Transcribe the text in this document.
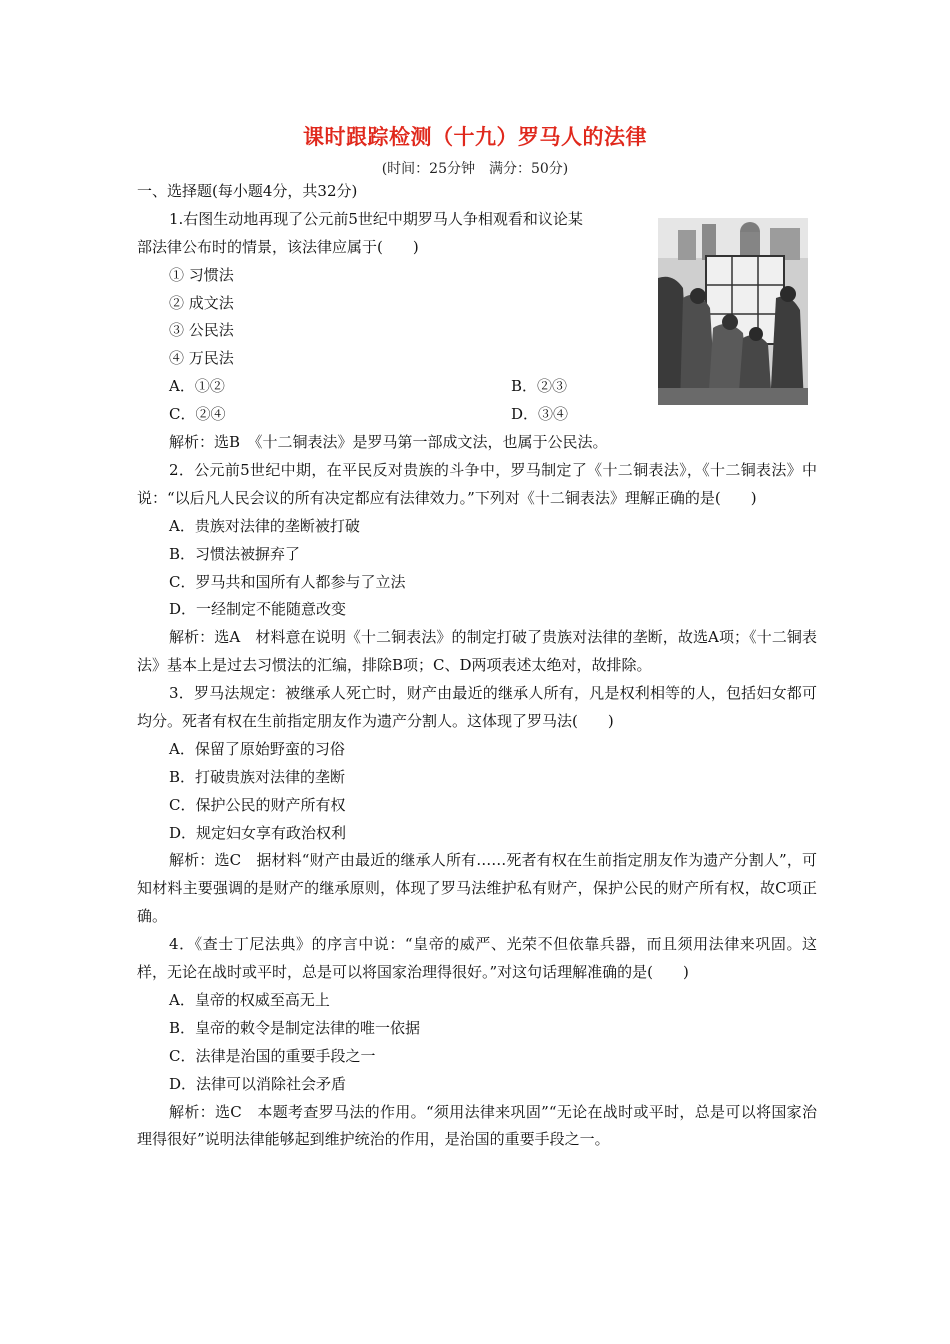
课时跟踪检测（十九）罗马人的法律
(时间：25分钟　满分：50分)
一、选择题(每小题4分，共32分)
1.右图生动地再现了公元前5世纪中期罗马人争相观看和议论某
部法律公布时的情景，该法律应属于(　　)
① 习惯法
② 成文法
③ 公民法
④ 万民法
A．①②	B．②③
C．②④	D．③④
解析：选B　《十二铜表法》是罗马第一部成文法，也属于公民法。
2．公元前5世纪中期，在平民反对贵族的斗争中，罗马制定了《十二铜表法》，《十二铜表法》中说：“以后凡人民会议的所有决定都应有法律效力。”下列对《十二铜表法》理解正确的是(　　)
A．贵族对法律的垄断被打破
B．习惯法被摒弃了
C．罗马共和国所有人都参与了立法
D．一经制定不能随意改变
解析：选A　材料意在说明《十二铜表法》的制定打破了贵族对法律的垄断，故选A项；《十二铜表法》基本上是过去习惯法的汇编，排除B项；C、D两项表述太绝对，故排除。
3．罗马法规定：被继承人死亡时，财产由最近的继承人所有，凡是权利相等的人，包括妇女都可均分。死者有权在生前指定朋友作为遗产分割人。这体现了罗马法(　　)
A．保留了原始野蛮的习俗
B．打破贵族对法律的垄断
C．保护公民的财产所有权
D．规定妇女享有政治权利
解析：选C　据材料“财产由最近的继承人所有……死者有权在生前指定朋友作为遗产分割人”，可知材料主要强调的是财产的继承原则，体现了罗马法维护私有财产，保护公民的财产所有权，故C项正确。
4．《查士丁尼法典》的序言中说：“皇帝的威严、光荣不但依靠兵器，而且须用法律来巩固。这样，无论在战时或平时，总是可以将国家治理得很好。”对这句话理解准确的是(　　)
A．皇帝的权威至高无上
B．皇帝的敕令是制定法律的唯一依据
C．法律是治国的重要手段之一
D．法律可以消除社会矛盾
解析：选C　本题考查罗马法的作用。“须用法律来巩固”“无论在战时或平时，总是可以将国家治理得很好”说明法律能够起到维护统治的作用，是治国的重要手段之一。
